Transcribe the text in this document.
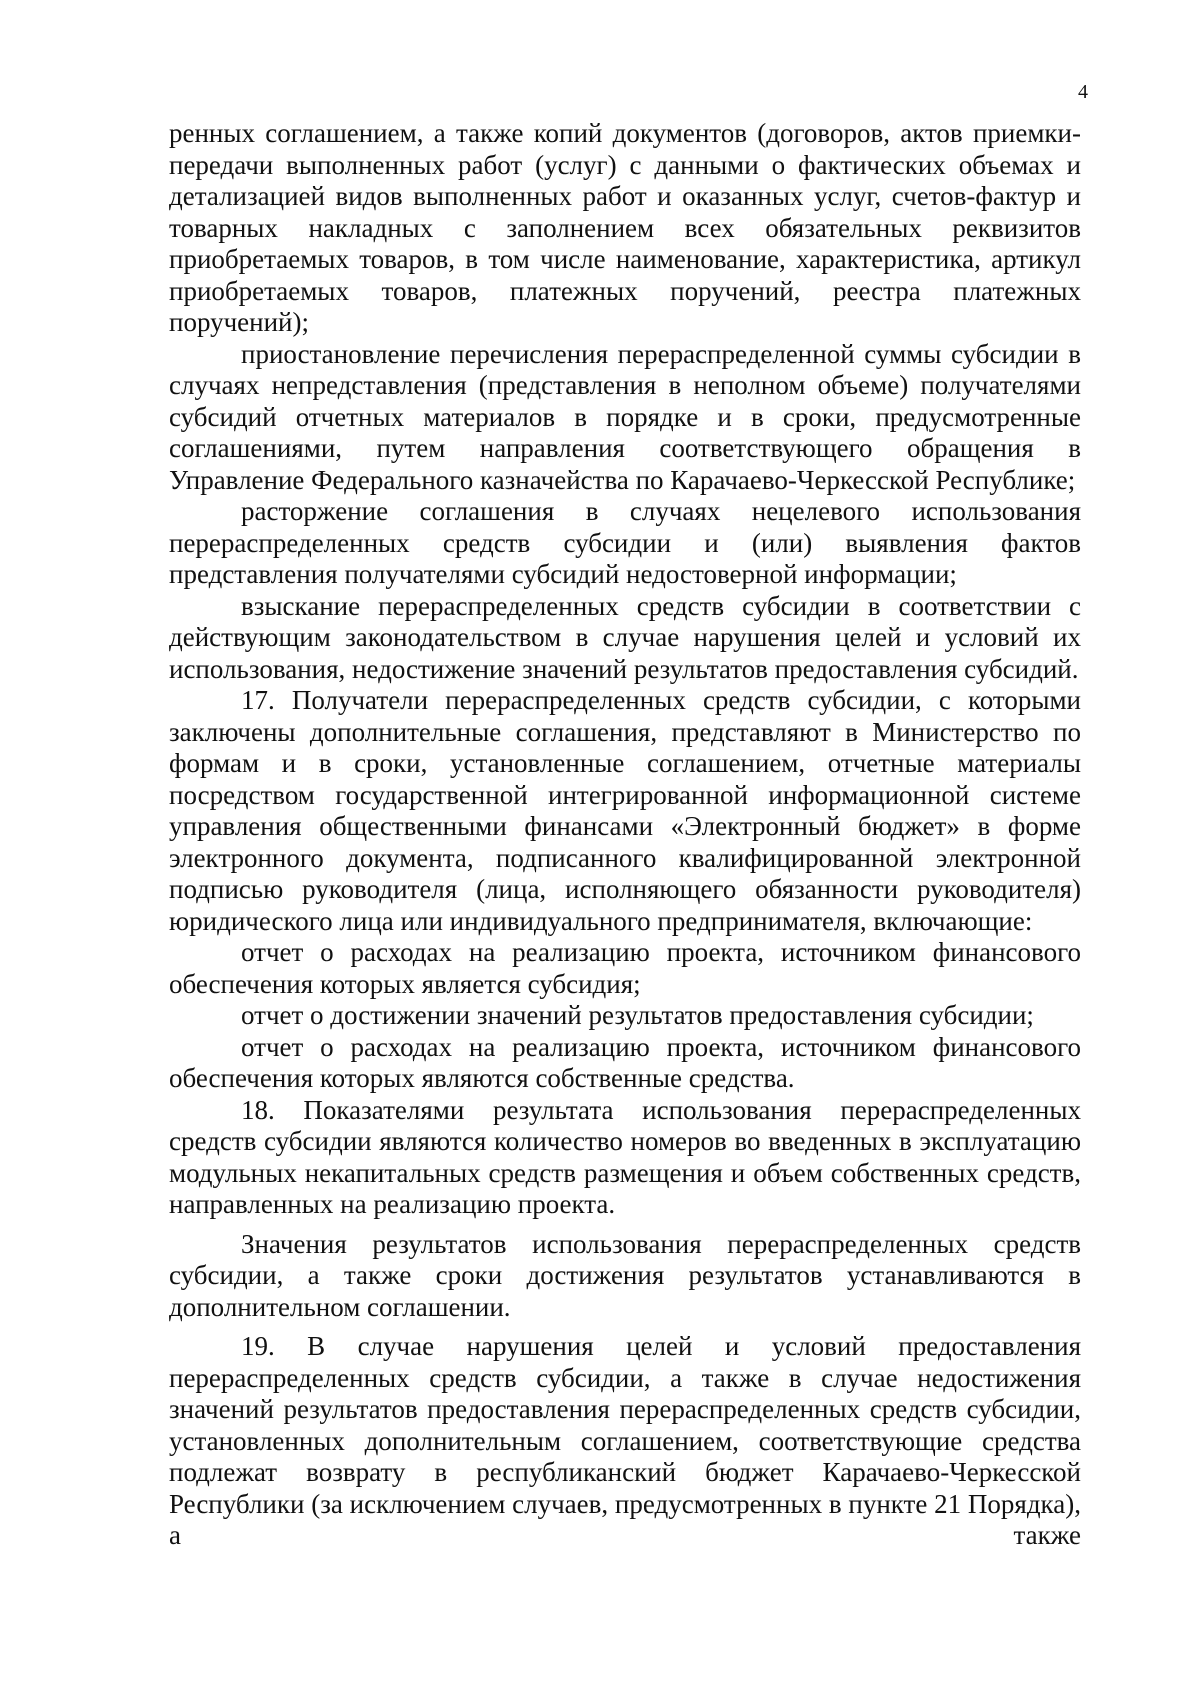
4

ренных соглашением, а также копий документов (договоров, актов приемки-передачи выполненных работ (услуг) с данными о фактических объемах и детализацией видов выполненных работ и оказанных услуг, счетов-фактур и товарных накладных с заполнением всех обязательных реквизитов приобретаемых товаров, в том числе наименование, характеристика, артикул приобретаемых товаров, платежных поручений, реестра платежных поручений);

приостановление перечисления перераспределенной суммы субсидии в случаях непредставления (представления в неполном объеме) получателями субсидий отчетных материалов в порядке и в сроки, предусмотренные соглашениями, путем направления соответствующего обращения в Управление Федерального казначейства по Карачаево-Черкесской Республике;

расторжение соглашения в случаях нецелевого использования перераспределенных средств субсидии и (или) выявления фактов представления получателями субсидий недостоверной информации;

взыскание перераспределенных средств субсидии в соответствии с действующим законодательством в случае нарушения целей и условий их использования, недостижение значений результатов предоставления субсидий.

17. Получатели перераспределенных средств субсидии, с которыми заключены дополнительные соглашения, представляют в Министерство по формам и в сроки, установленные соглашением, отчетные материалы посредством государственной интегрированной информационной системе управления общественными финансами «Электронный бюджет» в форме электронного документа, подписанного квалифицированной электронной подписью руководителя (лица, исполняющего обязанности руководителя) юридического лица или индивидуального предпринимателя, включающие:

отчет о расходах на реализацию проекта, источником финансового обеспечения которых является субсидия;

отчет о достижении значений результатов предоставления субсидии;

отчет о расходах на реализацию проекта, источником финансового обеспечения которых являются собственные средства.

18. Показателями результата использования перераспределенных средств субсидии являются количество номеров во введенных в эксплуатацию модульных некапитальных средств размещения и объем собственных средств, направленных на реализацию проекта.

Значения результатов использования перераспределенных средств субсидии, а также сроки достижения результатов устанавливаются в дополнительном соглашении.

19. В случае нарушения целей и условий предоставления перераспределенных средств субсидии, а также в случае недостижения значений результатов предоставления перераспределенных средств субсидии, установленных дополнительным соглашением, соответствующие средства подлежат возврату в республиканский бюджет Карачаево-Черкесской Республики (за исключением случаев, предусмотренных в пункте 21 Порядка), а также
